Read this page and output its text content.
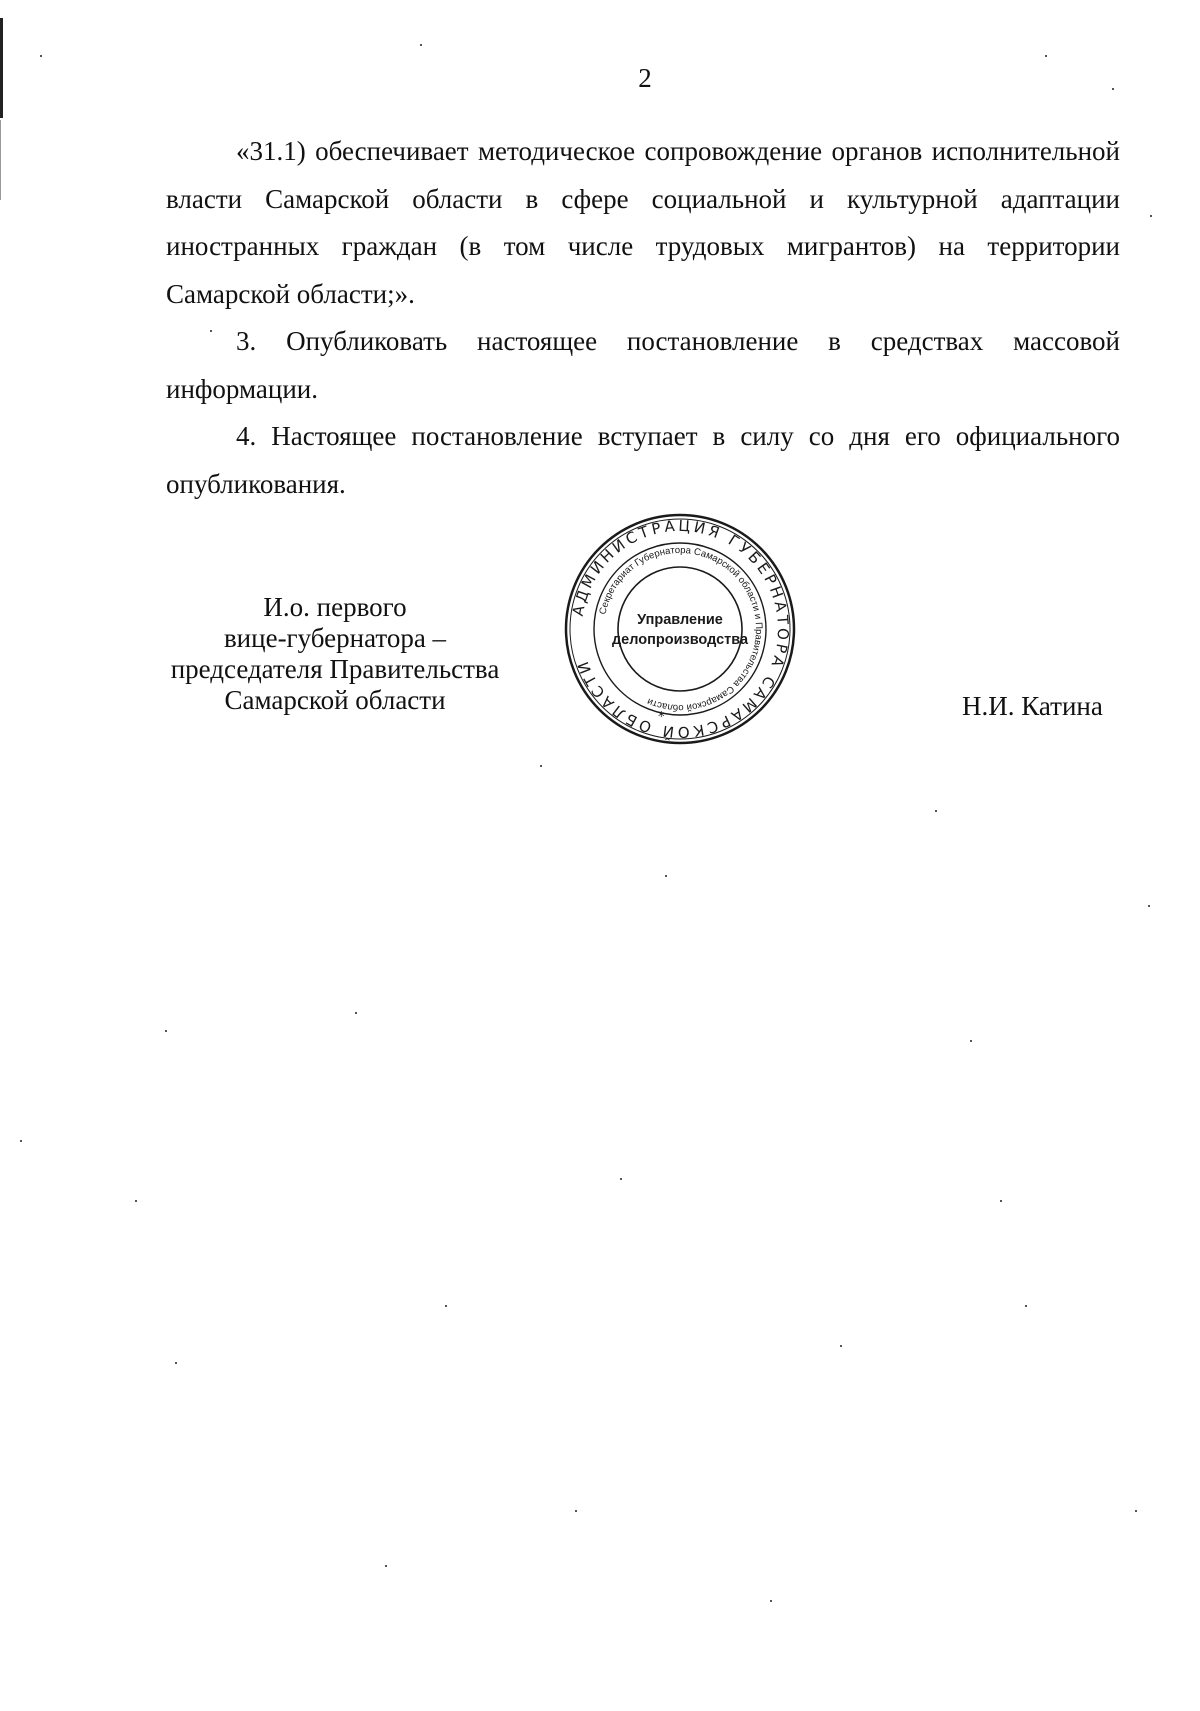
2

«31.1) обеспечивает методическое сопровождение органов исполнительной власти Самарской области в сфере социальной и культурной адаптации иностранных граждан (в том числе трудовых мигрантов) на территории Самарской области;».

3. Опубликовать настоящее постановление в средствах массовой информации.

4. Настоящее постановление вступает в силу со дня его официального опубликования.

И.о. первого
вице-губернатора –
председателя Правительства
Самарской области
АДМИНИСТРАЦИЯ ГУБЕРНАТОРА САМАРСКОЙ ОБЛАСТИ
Секретариат Губернатора Самарской области и Правительства Самарской области
*
Управление
делопроизводства
Н.И. Катина
